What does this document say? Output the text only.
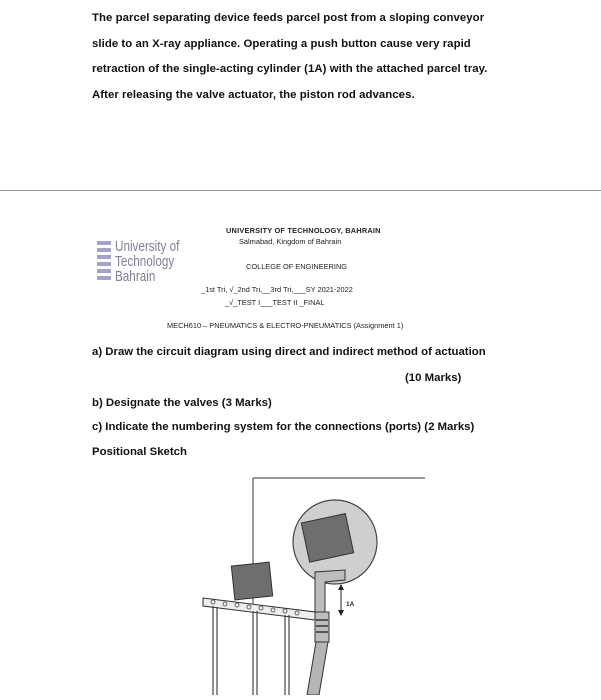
The parcel separating device feeds parcel post from a sloping conveyor
slide to an X-ray appliance. Operating a push button cause very rapid
retraction of the single-acting cylinder (1A) with the attached parcel tray.
After releasing the valve actuator, the piston rod advances.
University of
Technology
Bahrain
UNIVERSITY OF TECHNOLOGY, BAHRAIN
Salmabad, Kingdom of Bahrain
COLLEGE OF ENGINEERING
_1st Tri, √_2nd Tri,__3rd Tri,___SY 2021-2022
_√_TEST I___TEST II _FINAL
MECH610 – PNEUMATICS & ELECTRO-PNEUMATICS (Assignment 1)
a) Draw the circuit diagram using direct and indirect method of actuation
(10 Marks)
b) Designate the valves (3 Marks)
c) Indicate the numbering system for the connections (ports) (2 Marks)
Positional Sketch
1A
